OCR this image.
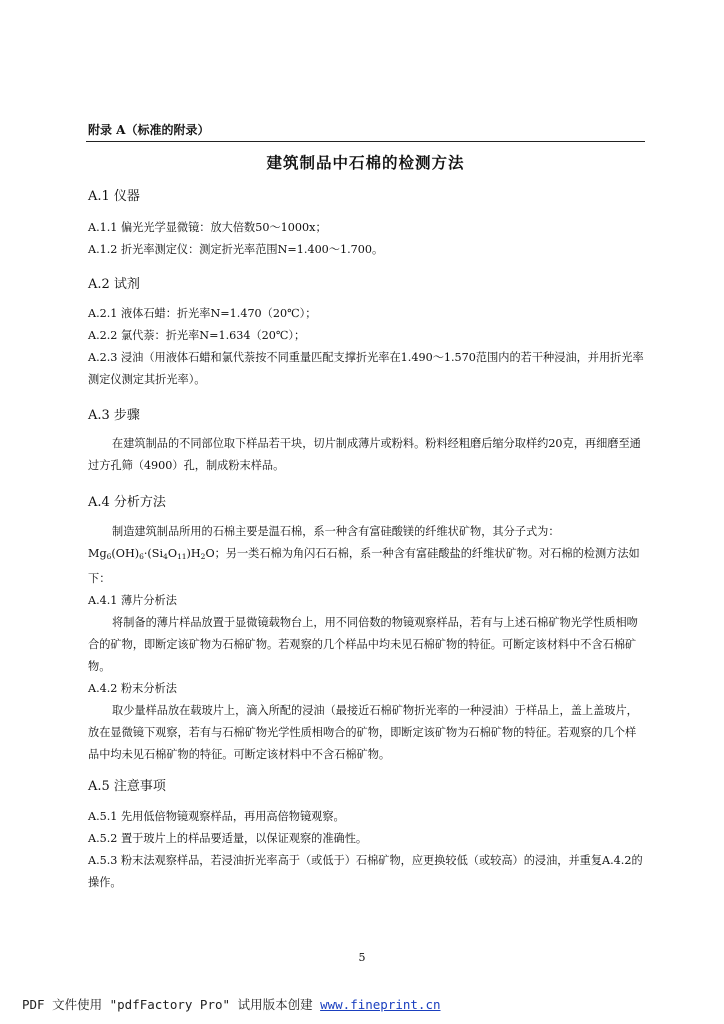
附录 A（标准的附录）
建筑制品中石棉的检测方法
A.1 仪器
A.1.1 偏光光学显微镜：放大倍数50～1000x；
A.1.2 折光率测定仪：测定折光率范围N=1.400～1.700。
A.2 试剂
A.2.1 液体石蜡：折光率N=1.470（20℃）；
A.2.2 氯代萘：折光率N=1.634（20℃）；
A.2.3 浸油（用液体石蜡和氯代萘按不同重量匹配支撑折光率在1.490～1.570范围内的若干种浸油，并用折光率测定仪测定其折光率）。
A.3 步骤
在建筑制品的不同部位取下样品若干块，切片制成薄片或粉料。粉料经粗磨后缩分取样约20克，再细磨至通过方孔筛（4900）孔，制成粉末样品。
A.4 分析方法
制造建筑制品所用的石棉主要是温石棉，系一种含有富硅酸镁的纤维状矿物，其分子式为：$Mg_6(OH)_6\cdot(Si_4O_{11})H_2O$；另一类石棉为角闪石石棉，系一种含有富硅酸盐的纤维状矿物。对石棉的检测方法如下：
A.4.1 薄片分析法
将制备的薄片样品放置于显微镜载物台上，用不同倍数的物镜观察样品，若有与上述石棉矿物光学性质相吻合的矿物，即断定该矿物为石棉矿物。若观察的几个样品中均未见石棉矿物的特征。可断定该材料中不含石棉矿物。
A.4.2 粉末分析法
取少量样品放在载玻片上，滴入所配的浸油（最接近石棉矿物折光率的一种浸油）于样品上，盖上盖玻片，放在显微镜下观察，若有与石棉矿物光学性质相吻合的矿物，即断定该矿物为石棉矿物的特征。若观察的几个样品中均未见石棉矿物的特征。可断定该材料中不含石棉矿物。
A.5 注意事项
A.5.1 先用低倍物镜观察样品，再用高倍物镜观察。
A.5.2 置于玻片上的样品要适量，以保证观察的准确性。
A.5.3 粉末法观察样品，若浸油折光率高于（或低于）石棉矿物，应更换较低（或较高）的浸油，并重复A.4.2的操作。
5
PDF 文件使用 "pdfFactory Pro" 试用版本创建 www.fineprint.cn
